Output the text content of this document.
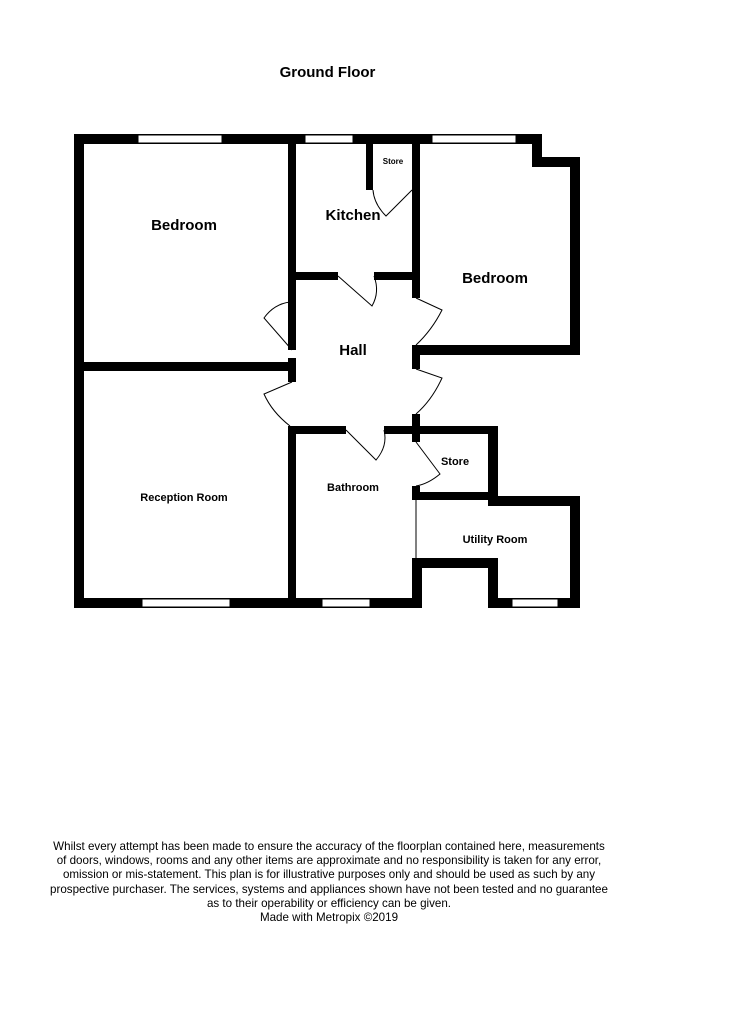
Ground Floor
Bedroom
Kitchen
Store
Bedroom
Hall
Reception Room
Bathroom
Store
Utility Room
Whilst every attempt has been made to ensure the accuracy of the floorplan contained here, measurements
of doors, windows, rooms and any other items are approximate and no responsibility is taken for any error,
omission or mis-statement. This plan is for illustrative purposes only and should be used as such by any
prospective purchaser. The services, systems and appliances shown have not been tested and no guarantee
as to their operability or efficiency can be given.
Made with Metropix ©2019
